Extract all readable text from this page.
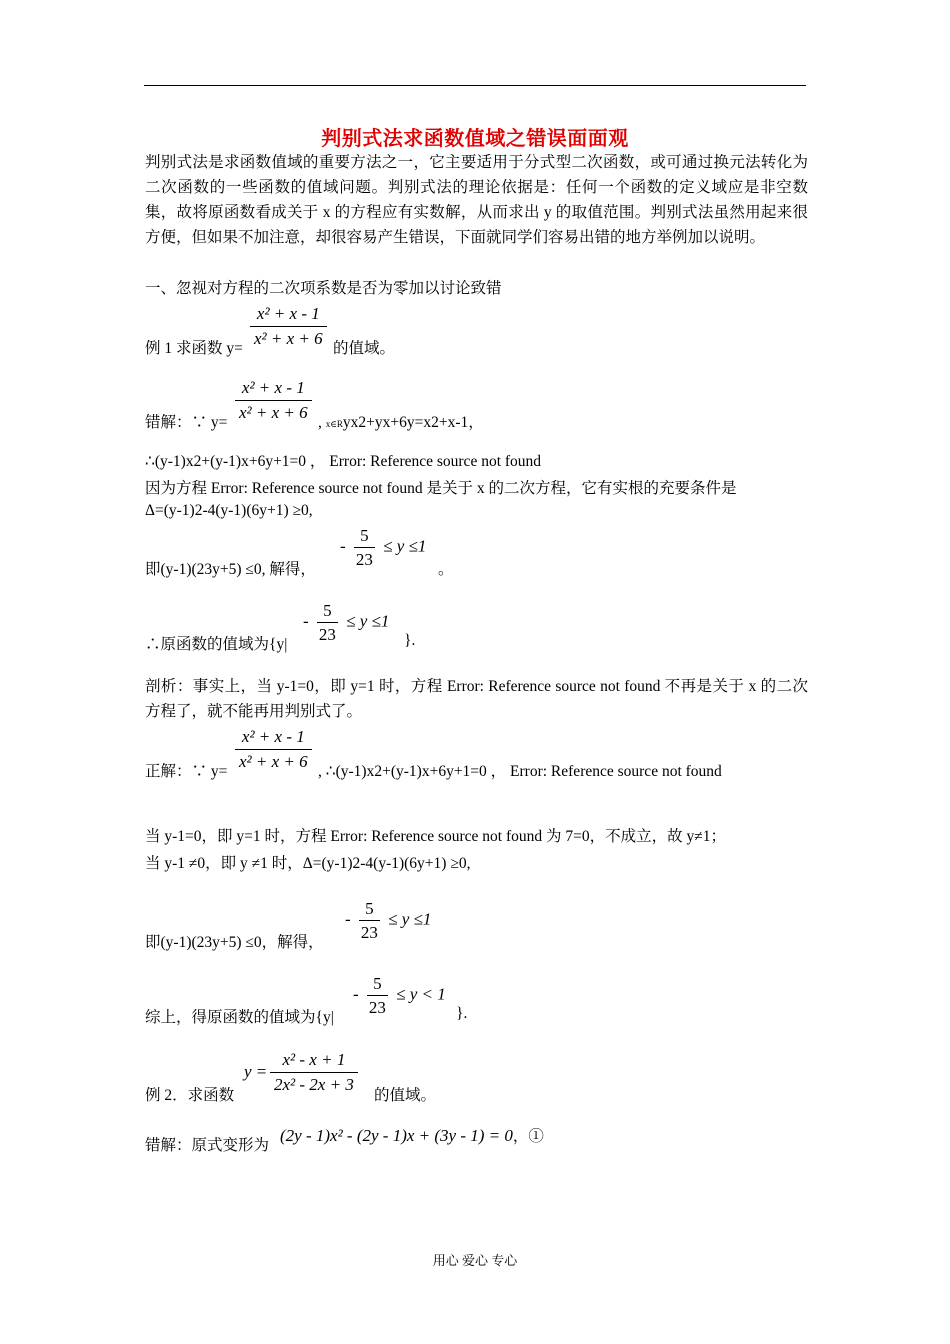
判别式法求函数值域之错误面面观
判别式法是求函数值域的重要方法之一，它主要适用于分式型二次函数，或可通过换元法转化为二次函数的一些函数的值域问题。判别式法的理论依据是：任何一个函数的定义域应是非空数集，故将原函数看成关于 x 的方程应有实数解，从而求出 y 的取值范围。判别式法虽然用起来很方便，但如果不加注意，却很容易产生错误，下面就同学们容易出错的地方举例加以说明。
一、忽视对方程的二次项系数是否为零加以讨论致错
例 1 求函数 $y= \frac{\text{x² + x - 1}}{\text{x² + x + 6}}$ 的值域。
错解：∵ $y= \frac{\text{x² + x - 1}}{\text{x² + x + 6}}$ , x∈Ryx2+yx+6y=x2+x-1，
∴(y-1)x2+(y-1)x+6y+1=0 ， Error: Reference source not found
因为方程 Error: Reference source not found 是关于 x 的二次方程，它有实根的充要条件是
Δ=(y-1)2-4(y-1)(6y+1) ≥0,
即(y-1)(23y+5) ≤0, 解得，
- $\frac{5}{23} \le y \le 1$
。
∴原函数的值域为{y|
- $\frac{5}{23} \le y \le 1$
}.
剖析：事实上，当 y-1=0，即 y=1 时，方程 Error: Reference source not found 不再是关于 x 的二次方程了，就不能再用判别式了。
正解：∵ $y= \frac{\text{x² + x - 1}}{\text{x² + x + 6}}$ , ∴(y-1)x2+(y-1)x+6y+1=0 ， Error: Reference source not found
当 y-1=0，即 y=1 时，方程 Error: Reference source not found 为 7=0，不成立，故 y≠1；
当 y-1 ≠0，即 y ≠1 时，Δ=(y-1)2-4(y-1)(6y+1) ≥0,
即(y-1)(23y+5) ≤0，解得，
- $\frac{5}{23} \le y \le 1$
综上，得原函数的值域为{y|
- $\frac{5}{23} \le y < 1$
}.
例 2．求函数
$y = \frac{\text{x² - x + 1}}{\text{2x² - 2x + 3}}$ 的值域。
错解：原式变形为
(2y - 1)x² - (2y - 1)x + (3y - 1) = 0，①
用心 爱心 专心
